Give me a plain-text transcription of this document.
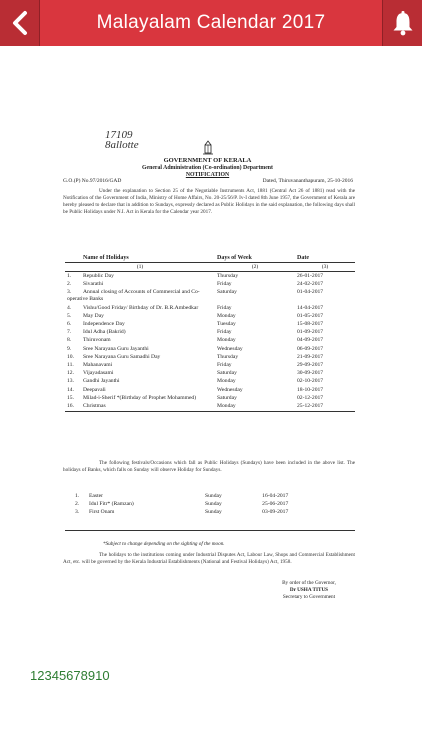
Malayalam Calendar 2017
17109
8allotte
GOVERNMENT OF KERALA
General Administration (Co-ordination) Department
NOTIFICATION
G.O.(P) No.97/2016/GAD	Dated, Thiruvananthapuram, 25-10-2016
Under the explanation to Section 25 of the Negotiable Instruments Act, 1881 (Central Act 26 of 1881) read with the Notification of the Government of India, Ministry of Home Affairs, No. 20-25/56/P. Iv-I dated 8th June 1957, the Government of Kerala are hereby pleased to declare that in addition to Sundays, expressly declared as Public Holidays in the said explanation, the following days shall be Public Holidays under N.I. Act in Kerala for the Calendar year 2017.
Name of Holidays	Days of Week	Date
(1)	(2)	(3)
1. Republic Day	Thursday	26-01-2017
2. Sivarathi	Friday	24-02-2017
3. Annual closing of Accounts of Commercial and Co-operative Banks	Saturday	01-04-2017
4. Vishu/Good Friday/ Birthday of Dr. B.R.Ambedkar	Friday	14-04-2017
5. May Day	Monday	01-05-2017
6. Independence Day	Tuesday	15-08-2017
7. Idul Adha (Bakrid)	Friday	01-09-2017
8. Thiruvonam	Monday	04-09-2017
9. Sree Narayana Guru Jayanthi	Wednesday	06-09-2017
10. Sree Narayana Guru Samadhi Day	Thursday	21-09-2017
11. Mahanavami	Friday	29-09-2017
12. Vijayadasami	Saturday	30-09-2017
13. Gandhi Jayanthi	Monday	02-10-2017
14. Deepavali	Wednesday	18-10-2017
15. Milad-i-Sherif *(Birthday of Prophet Mohammed)	Saturday	02-12-2017
16. Christmas	Monday	25-12-2017
The following festivals/Occasions which fall as Public Holidays (Sundays) have been included in the above list. The holidays of Banks, which falls on Sunday will observe Holiday for Sundays.
1. Easter	Sunday	16-04-2017
2. Idul Fitr* (Ramzan)	Sunday	25-06-2017
3. First Onam	Sunday	03-09-2017
*Subject to change depending on the sighting of the moon.
The holidays to the institutions coming under Industrial Disputes Act, Labour Law, Shops and Commercial Establishment Act, etc. will be governed by the Kerala Industrial Establishments (National and Festival Holidays) Act, 1958.
By order of the Governor,
Dr USHA TITUS
Secretary to Government
1 2 3 4 5 6 7 8 9 10
